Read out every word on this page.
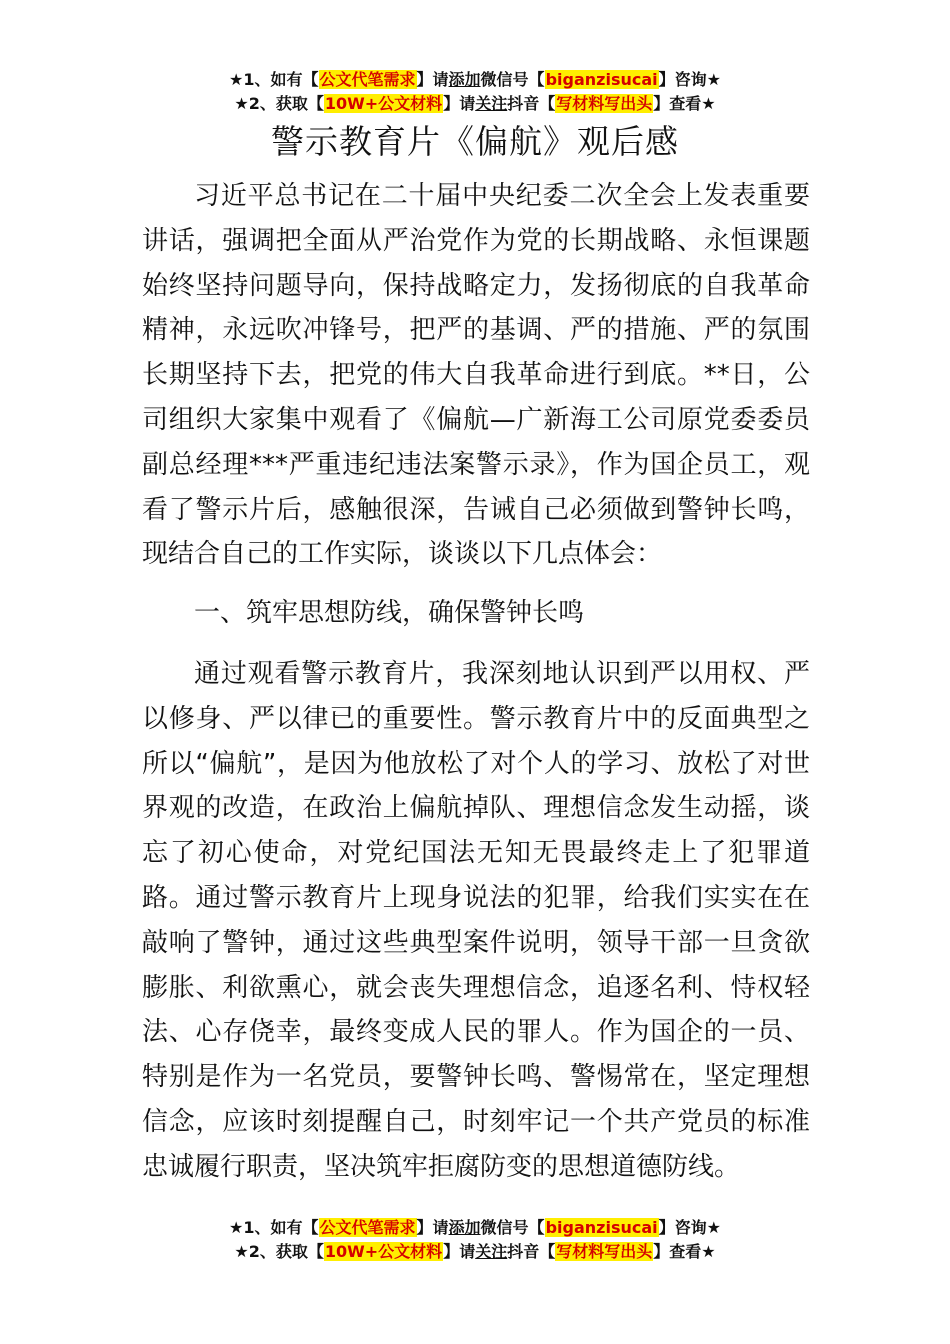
★1、如有【公文代笔需求】请添加微信号【biganzisucai】咨询★
★2、获取【10W+公文材料】请关注抖音【写材料写出头】查看★
警示教育片《偏航》观后感

习近平总书记在二十届中央纪委二次全会上发表重要讲话，强调把全面从严治党作为党的长期战略、永恒课题始终坚持问题导向，保持战略定力，发扬彻底的自我革命精神，永远吹冲锋号，把严的基调、严的措施、严的氛围长期坚持下去，把党的伟大自我革命进行到底。**日，公司组织大家集中观看了《偏航—广新海工公司原党委委员副总经理***严重违纪违法案警示录》，作为国企员工，观看了警示片后，感触很深，告诫自己必须做到警钟长鸣，现结合自己的工作实际，谈谈以下几点体会：

一、筑牢思想防线，确保警钟长鸣

通过观看警示教育片，我深刻地认识到严以用权、严以修身、严以律已的重要性。警示教育片中的反面典型之所以“偏航”，是因为他放松了对个人的学习、放松了对世界观的改造，在政治上偏航掉队、理想信念发生动摇，谈忘了初心使命，对党纪国法无知无畏最终走上了犯罪道路。通过警示教育片上现身说法的犯罪，给我们实实在在敲响了警钟，通过这些典型案件说明，领导干部一旦贪欲膨胀、利欲熏心，就会丧失理想信念，追逐名利、恃权轻法、心存侥幸，最终变成人民的罪人。作为国企的一员、特别是作为一名党员，要警钟长鸣、警惕常在，坚定理想信念，应该时刻提醒自己，时刻牢记一个共产党员的标准忠诚履行职责，坚决筑牢拒腐防变的思想道德防线。

★1、如有【公文代笔需求】请添加微信号【biganzisucai】咨询★
★2、获取【10W+公文材料】请关注抖音【写材料写出头】查看★
